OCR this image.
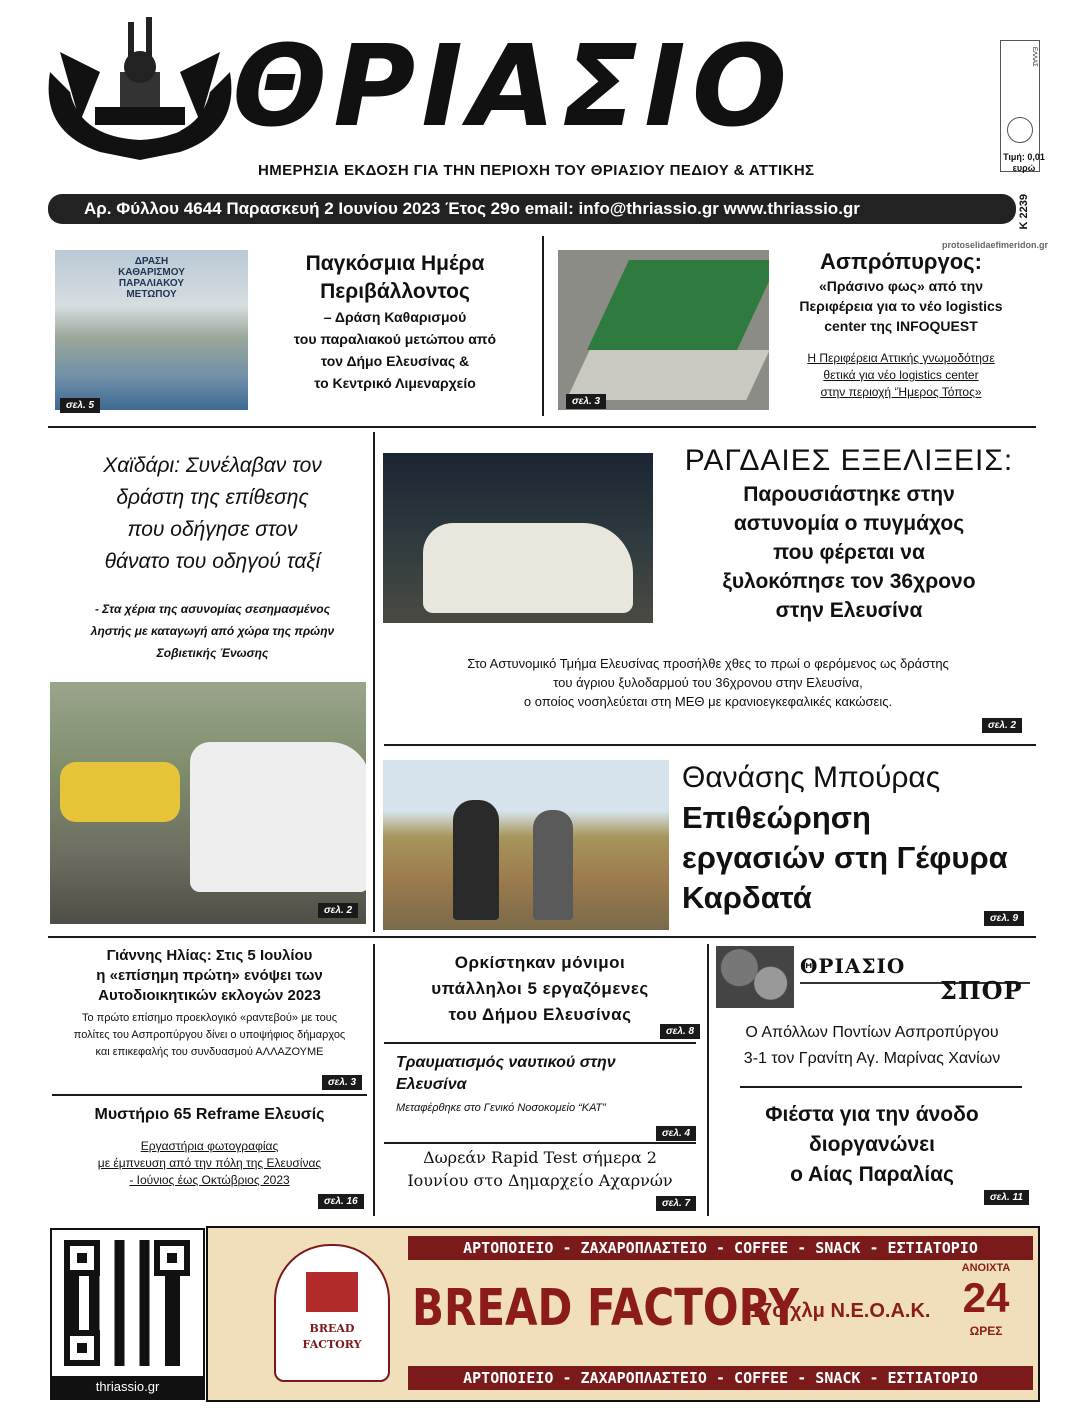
ΘΡΙΑΣΙΟ	ΕΛΛΑΣ
Τιμή: 0,01 ευρώ
ΗΜΕΡΗΣΙΑ ΕΚΔΟΣΗ ΓΙΑ ΤΗΝ ΠΕΡΙΟΧΗ ΤΟΥ ΘΡΙΑΣΙΟΥ ΠΕΔΙΟΥ & ΑΤΤΙΚΗΣ
Αρ. Φύλλου 4644 Παρασκευή 2 Ιουνίου 2023 Έτος 29ο email: info@thriassio.gr www.thriassio.gr	Κ 2239
protoselidaefimeridon.gr
ΔΡΑΣΗ
ΚΑΘΑΡΙΣΜΟΥ
ΠΑΡΑΛΙΑΚΟΥ
ΜΕΤΩΠΟΥ
σελ. 5
Παγκόσμια Ημέρα
Περιβάλλοντος
– Δράση Καθαρισμού
του παραλιακού μετώπου από
τον Δήμο Ελευσίνας &
το Κεντρικό Λιμεναρχείο
σελ. 3
Ασπρόπυργος:
«Πράσινο φως» από την
Περιφέρεια για το νέο logistics
center της INFOQUEST
Η Περιφέρεια Αττικής γνωμοδότησε
θετικά για νέο logistics center
στην περιοχή ‘Ήμερος Τόπος»
Χαϊδάρι: Συνέλαβαν τον
δράστη της επίθεσης
που οδήγησε στον
θάνατο του οδηγού ταξί
- Στα χέρια της ασυνομίας σεσημασμένος
ληστής με καταγωγή από χώρα της πρώην
Σοβιετικής Ένωσης
σελ. 2
ΡΑΓΔΑΙΕΣ ΕΞΕΛΙΞΕΙΣ:
Παρουσιάστηκε στην
αστυνομία ο πυγμάχος
που φέρεται να
ξυλοκόπησε τον 36χρονο
στην Ελευσίνα
Στο Αστυνομικό Τμήμα Ελευσίνας προσήλθε χθες το πρωί ο φερόμενος ως δράστης
του άγριου ξυλοδαρμού του 36χρονου στην Ελευσίνα,
ο οποίος νοσηλεύεται στη ΜΕΘ με κρανιοεγκεφαλικές κακώσεις.
σελ. 2
Θανάσης Μπούρας
Επιθεώρηση
εργασιών στη Γέφυρα
Καρδατά
σελ. 9
Γιάννης Ηλίας: Στις 5 Ιουλίου
η «επίσημη πρώτη» ενόψει των
Αυτοδιοικητικών εκλογών 2023
Το πρώτο επίσημο προεκλογικό «ραντεβού» με τους
πολίτες του Ασπροπύργου δίνει ο υποψήφιος δήμαρχος
και επικεφαλής του συνδυασμού ΑΛΛΑΖΟΥΜΕ
σελ. 3
Μυστήριο 65 Reframe Ελευσίς
Εργαστήρια φωτογραφίας
με έμπνευση από την πόλη της Ελευσίνας
- Ιούνιος έως Οκτώβριος 2023
σελ. 16
Ορκίστηκαν μόνιμοι
υπάλληλοι 5 εργαζόμενες
του Δήμου Ελευσίνας
σελ. 8
Τραυματισμός ναυτικού στην
Ελευσίνα
Μεταφέρθηκε στο Γενικό Νοσοκομείο “ΚΑΤ”
σελ. 4
Δωρεάν Rapid Test σήμερα 2
Ιουνίου στο Δημαρχείο Αχαρνών
σελ. 7
ΘΡΙΑΣΙΟ
ΣΠΟΡ
Ο Απόλλων Ποντίων Ασπροπύργου
3-1 τον Γρανίτη Αγ. Μαρίνας Χανίων
Φιέστα για την άνοδο
διοργανώνει
ο Αίας Παραλίας
σελ. 11
thriassio.gr
ΑΡΤΟΠΟΙΕΙΟ - ΖΑΧΑΡΟΠΛΑΣΤΕΙΟ - COFFEE - SNACK - ΕΣΤΙΑΤΟΡΙΟ
BREAD
FACTORY
BREAD FACTORY
17ο χλμ Ν.Ε.Ο.Α.Κ.
ΑΝΟΙΧΤΑ
24
ΩΡΕΣ
ΑΡΤΟΠΟΙΕΙΟ - ΖΑΧΑΡΟΠΛΑΣΤΕΙΟ - COFFEE - SNACK - ΕΣΤΙΑΤΟΡΙΟ
